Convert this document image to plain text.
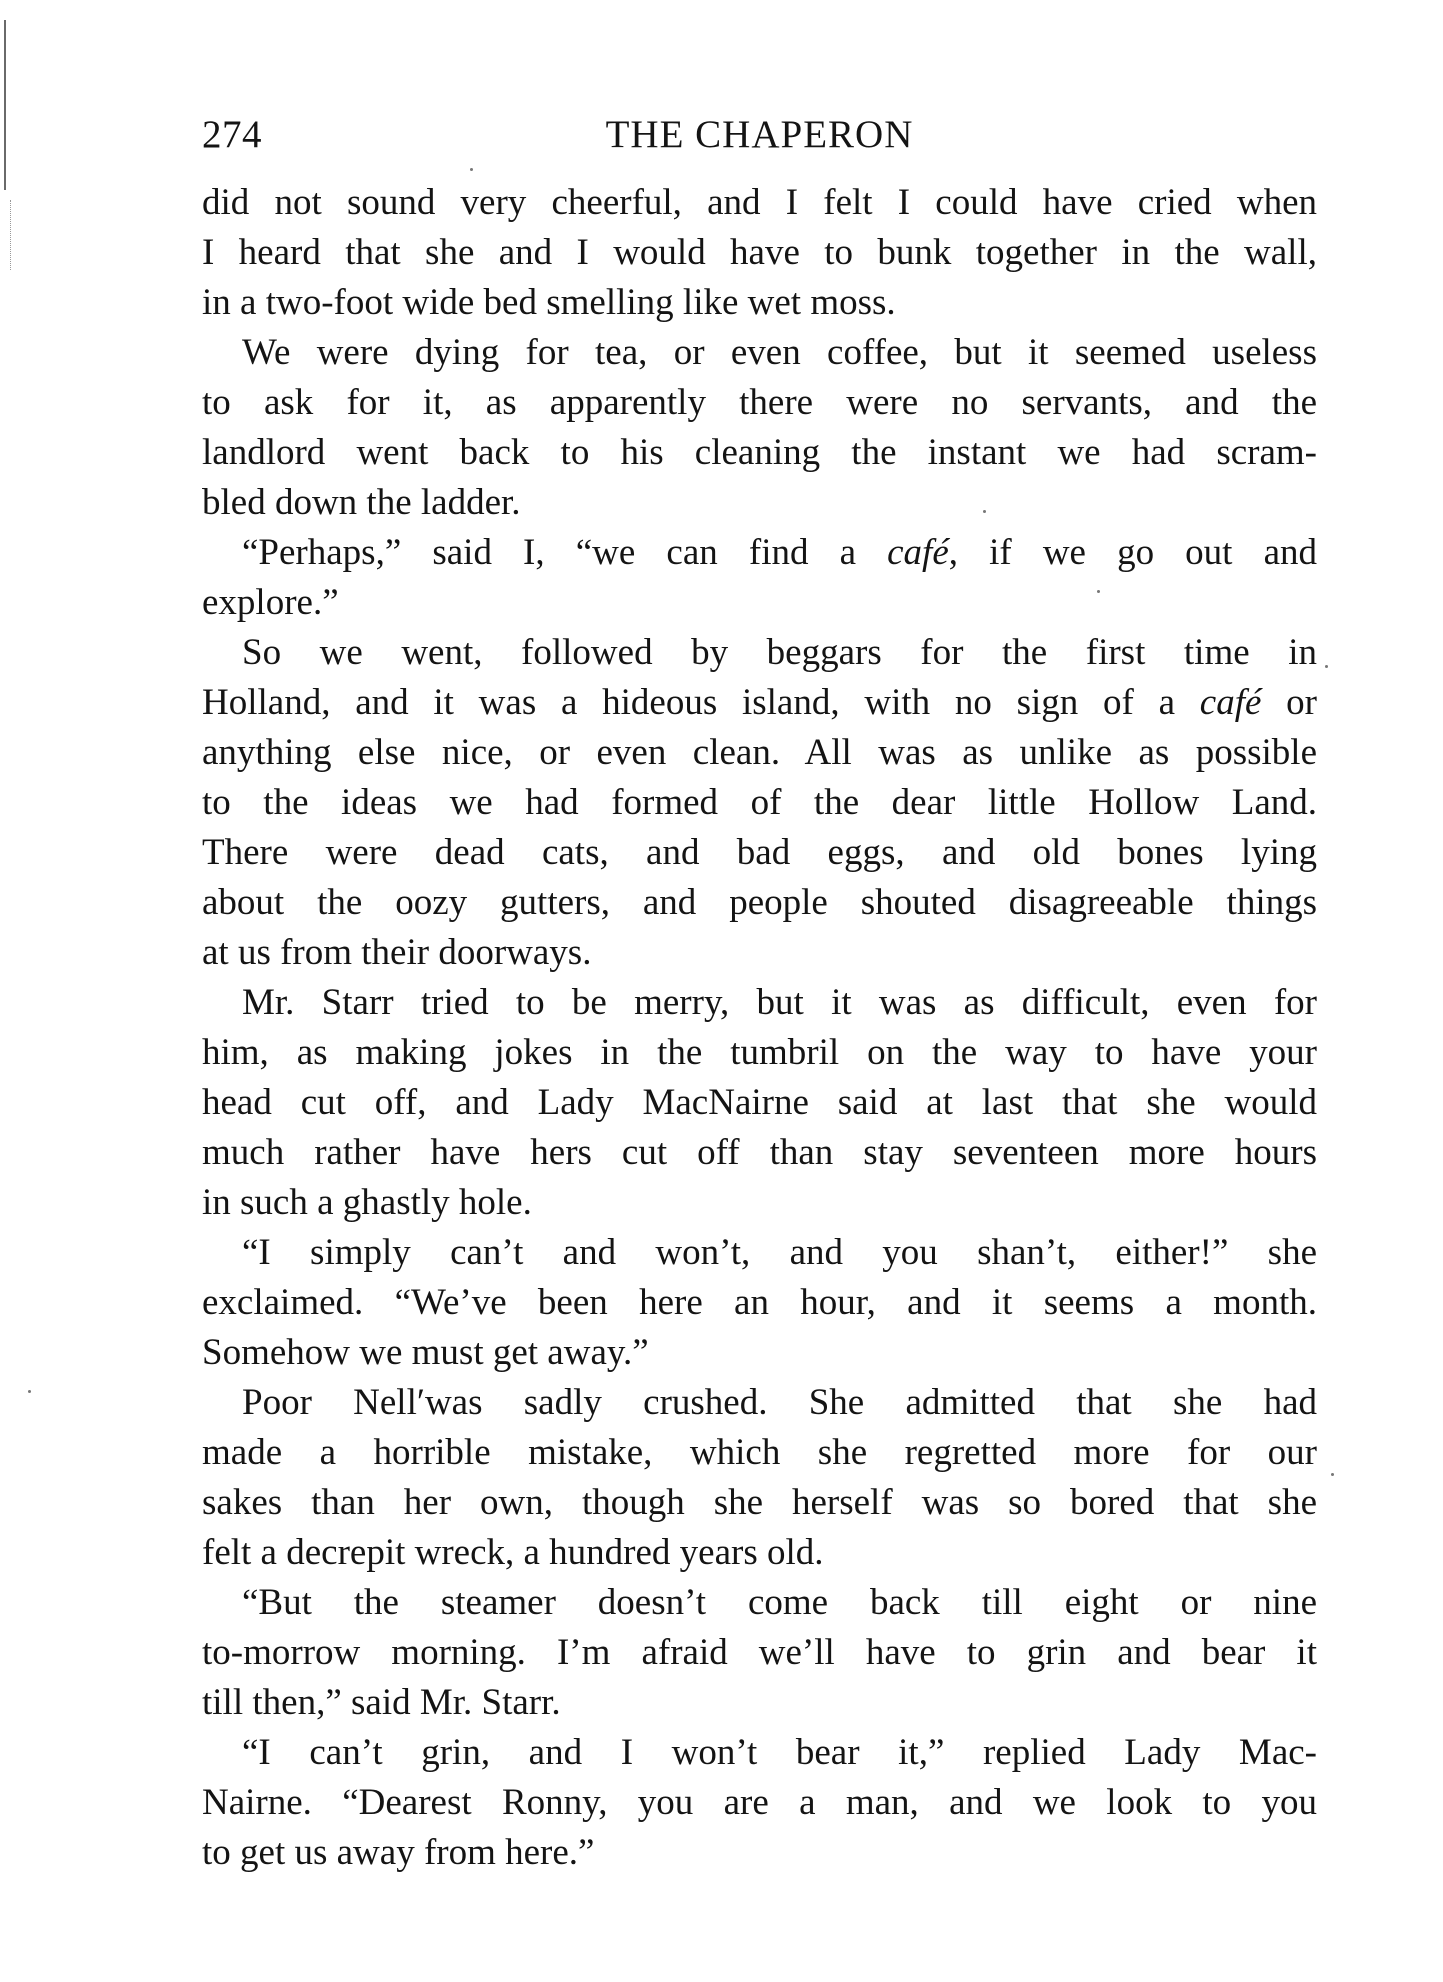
274	THE CHAPERON
did not sound very cheerful, and I felt I could have cried when
I heard that she and I would have to bunk together in the wall,
in a two-foot wide bed smelling like wet moss.
We were dying for tea, or even coffee, but it seemed useless
to ask for it, as apparently there were no servants, and the
landlord went back to his cleaning the instant we had scram-
bled down the ladder.
“Perhaps,” said I, “we can find a café, if we go out and
explore.”
So we went, followed by beggars for the first time in
Holland, and it was a hideous island, with no sign of a café or
anything else nice, or even clean. All was as unlike as possible
to the ideas we had formed of the dear little Hollow Land.
There were dead cats, and bad eggs, and old bones lying
about the oozy gutters, and people shouted disagreeable things
at us from their doorways.
Mr. Starr tried to be merry, but it was as difficult, even for
him, as making jokes in the tumbril on the way to have your
head cut off, and Lady MacNairne said at last that she would
much rather have hers cut off than stay seventeen more hours
in such a ghastly hole.
“I simply can’t and won’t, and you shan’t, either!” she
exclaimed. “We’ve been here an hour, and it seems a month.
Somehow we must get away.”
Poor Nell′was sadly crushed. She admitted that she had
made a horrible mistake, which she regretted more for our
sakes than her own, though she herself was so bored that she
felt a decrepit wreck, a hundred years old.
“But the steamer doesn’t come back till eight or nine
to-morrow morning. I’m afraid we’ll have to grin and bear it
till then,” said Mr. Starr.
“I can’t grin, and I won’t bear it,” replied Lady Mac-
Nairne. “Dearest Ronny, you are a man, and we look to you
to get us away from here.”
